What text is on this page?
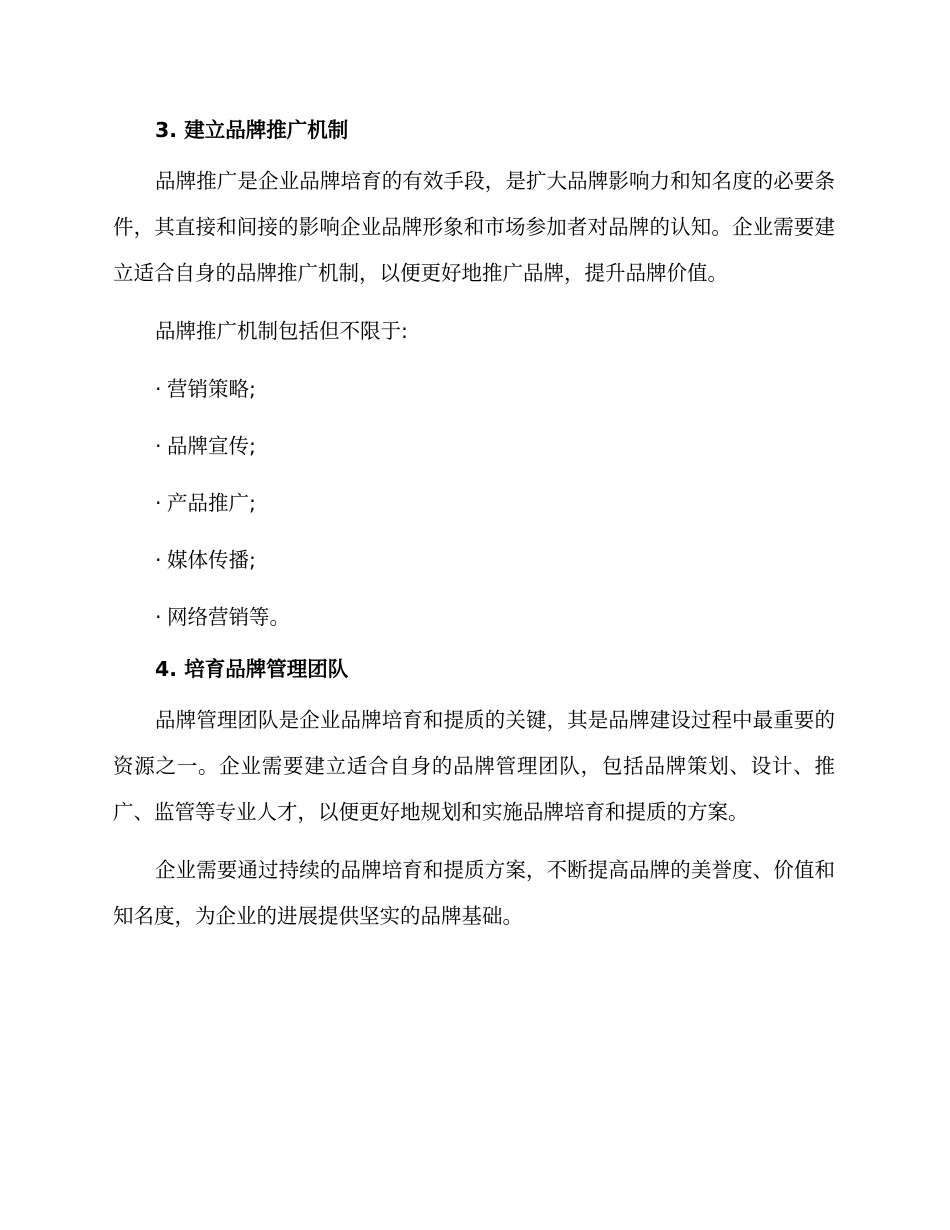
3. 建立品牌推广机制

品牌推广是企业品牌培育的有效手段，是扩大品牌影响力和知名度的必要条件，其直接和间接的影响企业品牌形象和市场参加者对品牌的认知。企业需要建立适合自身的品牌推广机制，以便更好地推广品牌，提升品牌价值。

品牌推广机制包括但不限于:

· 营销策略;
· 品牌宣传;
· 产品推广;
· 媒体传播;
· 网络营销等。
4. 培育品牌管理团队

品牌管理团队是企业品牌培育和提质的关键，其是品牌建设过程中最重要的资源之一。企业需要建立适合自身的品牌管理团队，包括品牌策划、设计、推广、监管等专业人才，以便更好地规划和实施品牌培育和提质的方案。

企业需要通过持续的品牌培育和提质方案，不断提高品牌的美誉度、价值和知名度，为企业的进展提供坚实的品牌基础。
